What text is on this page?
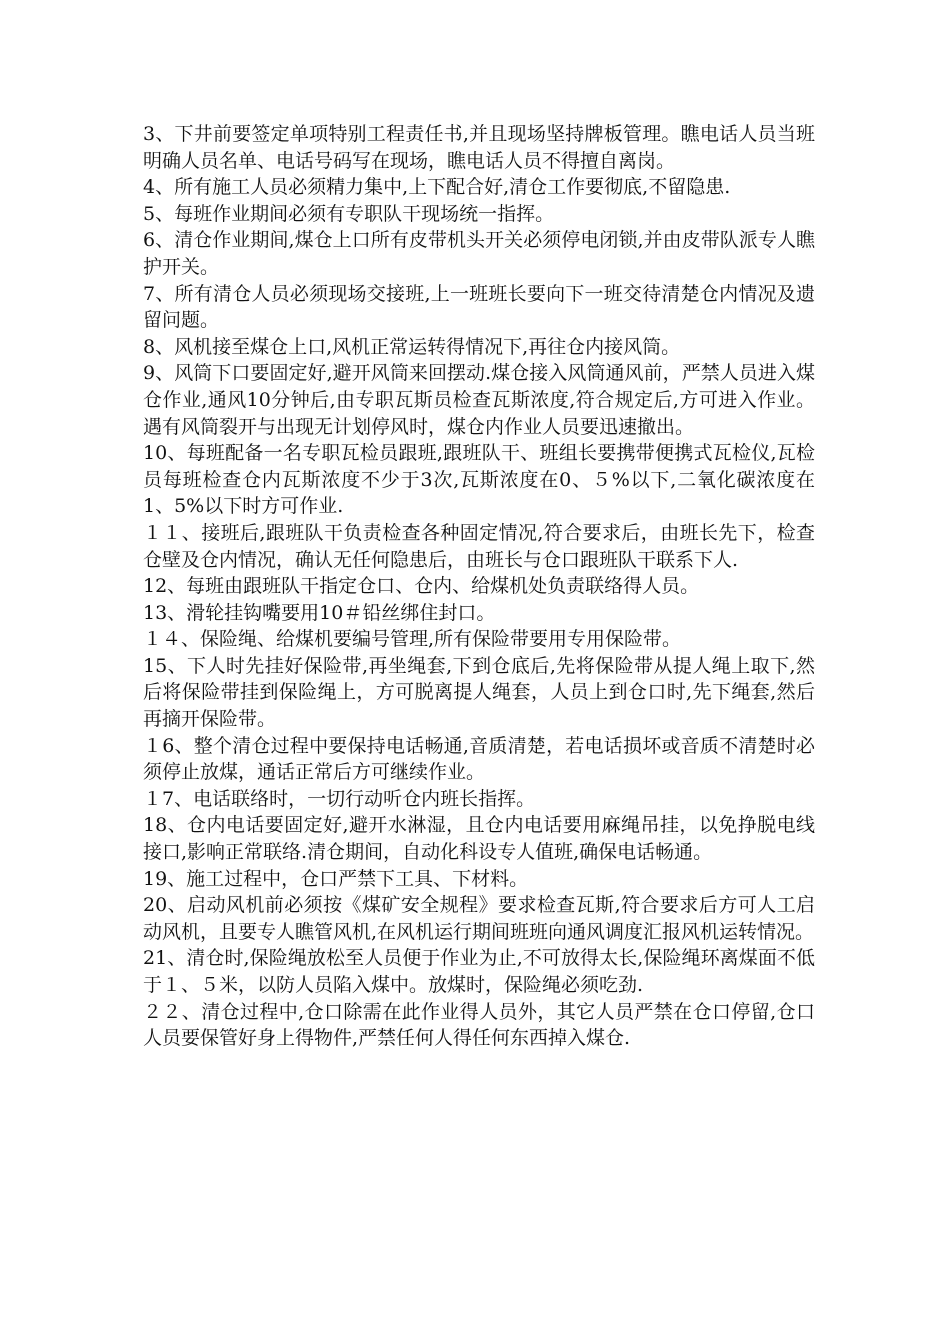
3、下井前要签定单项特别工程责任书,并且现场坚持牌板管理。瞧电话人员当班明确人员名单、电话号码写在现场，瞧电话人员不得擅自离岗。

4、所有施工人员必须精力集中,上下配合好,清仓工作要彻底,不留隐患.

5、每班作业期间必须有专职队干现场统一指挥。

6、清仓作业期间,煤仓上口所有皮带机头开关必须停电闭锁,并由皮带队派专人瞧护开关。

7、所有清仓人员必须现场交接班,上一班班长要向下一班交待清楚仓内情况及遗留问题。

8、风机接至煤仓上口,风机正常运转得情况下,再往仓内接风筒。

9、风筒下口要固定好,避开风筒来回摆动.煤仓接入风筒通风前，严禁人员进入煤仓作业,通风10分钟后,由专职瓦斯员检查瓦斯浓度,符合规定后,方可进入作业。遇有风筒裂开与出现无计划停风时，煤仓内作业人员要迅速撤出。

10、每班配备一名专职瓦检员跟班,跟班队干、班组长要携带便携式瓦检仪,瓦检员每班检查仓内瓦斯浓度不少于3次,瓦斯浓度在0、５%以下,二氧化碳浓度在1、5%以下时方可作业.

１１、接班后,跟班队干负责检查各种固定情况,符合要求后，由班长先下，检查仓壁及仓内情况，确认无任何隐患后，由班长与仓口跟班队干联系下人.

12、每班由跟班队干指定仓口、仓内、给煤机处负责联络得人员。

13、滑轮挂钩嘴要用10＃铅丝绑住封口。

１４、保险绳、给煤机要编号管理,所有保险带要用专用保险带。

15、下人时先挂好保险带,再坐绳套,下到仓底后,先将保险带从提人绳上取下,然后将保险带挂到保险绳上，方可脱离提人绳套，人员上到仓口时,先下绳套,然后再摘开保险带。

１6、整个清仓过程中要保持电话畅通,音质清楚，若电话损坏或音质不清楚时必须停止放煤，通话正常后方可继续作业。

１7、电话联络时，一切行动听仓内班长指挥。

18、仓内电话要固定好,避开水淋湿，且仓内电话要用麻绳吊挂，以免挣脱电线接口,影响正常联络.清仓期间，自动化科设专人值班,确保电话畅通。

19、施工过程中，仓口严禁下工具、下材料。

20、启动风机前必须按《煤矿安全规程》要求检查瓦斯,符合要求后方可人工启动风机，且要专人瞧管风机,在风机运行期间班班向通风调度汇报风机运转情况。

21、清仓时,保险绳放松至人员便于作业为止,不可放得太长,保险绳环离煤面不低于１、５米，以防人员陷入煤中。放煤时，保险绳必须吃劲.

２２、清仓过程中,仓口除需在此作业得人员外，其它人员严禁在仓口停留,仓口人员要保管好身上得物件,严禁任何人得任何东西掉入煤仓.
